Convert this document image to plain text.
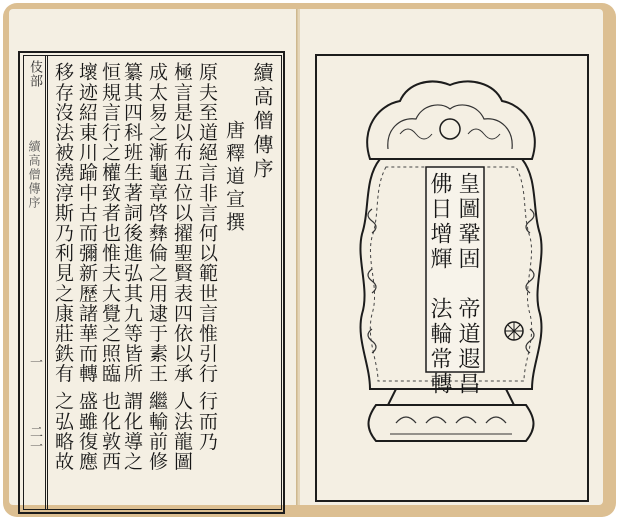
伎部
續高僧傳序
一
二一
續高僧傳序
唐釋道宣撰
原夫至道絕言非言何以範世言惟引行
極言是以布五位以擢聖賢表四依以承
成太易之漸龜章啓彝倫之用逮于素王
纂其四科班生著詞後進弘其九等皆所
恒規言行之權致者也惟夫大覺之照臨
壞迹紹東川踰中古而彌新歷諸華而轉
移存沒法被澆淳斯乃利見之康莊鉄有
行而乃
人法龍圖
繼輸前修
謂化導之
也化敦西
盛雖復應
之弘略故
皇圖鞏固　帝道遐昌
佛日增輝　法輪常轉
